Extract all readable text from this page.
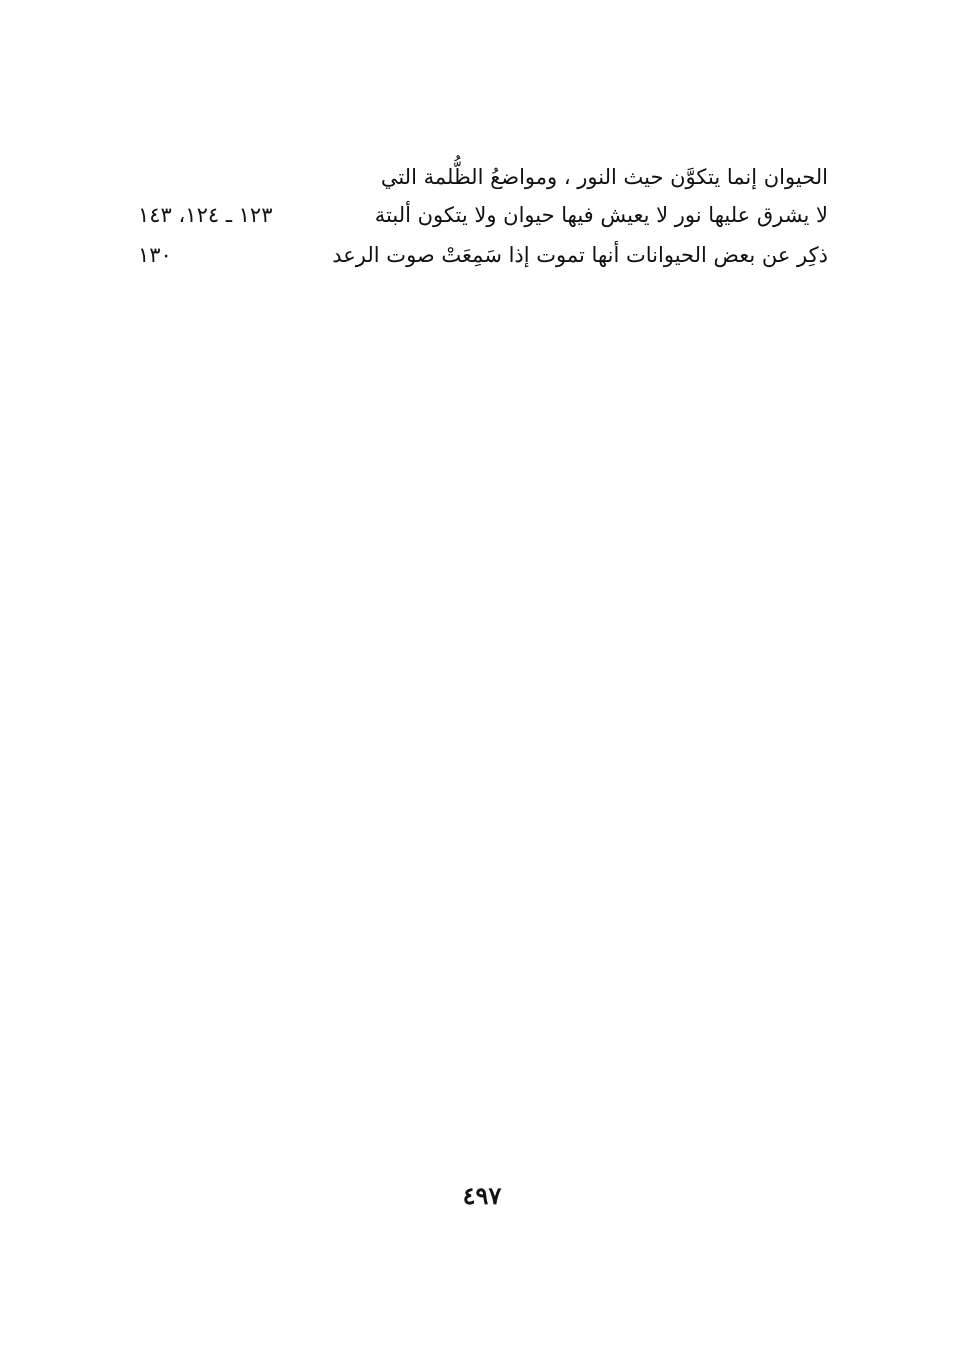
الحيوان إنما يتكوَّن حيث النور ، ومواضعُ الظُّلمة التي
لا يشرق عليها نور لا يعيش فيها حيوان ولا يتكون ألبتة
١٢٣ ـ ١٢٤، ١٤٣
ذكِر عن بعض الحيوانات أنها تموت إذا سَمِعَتْ صوت الرعد
١٣٠
٤٩٧
